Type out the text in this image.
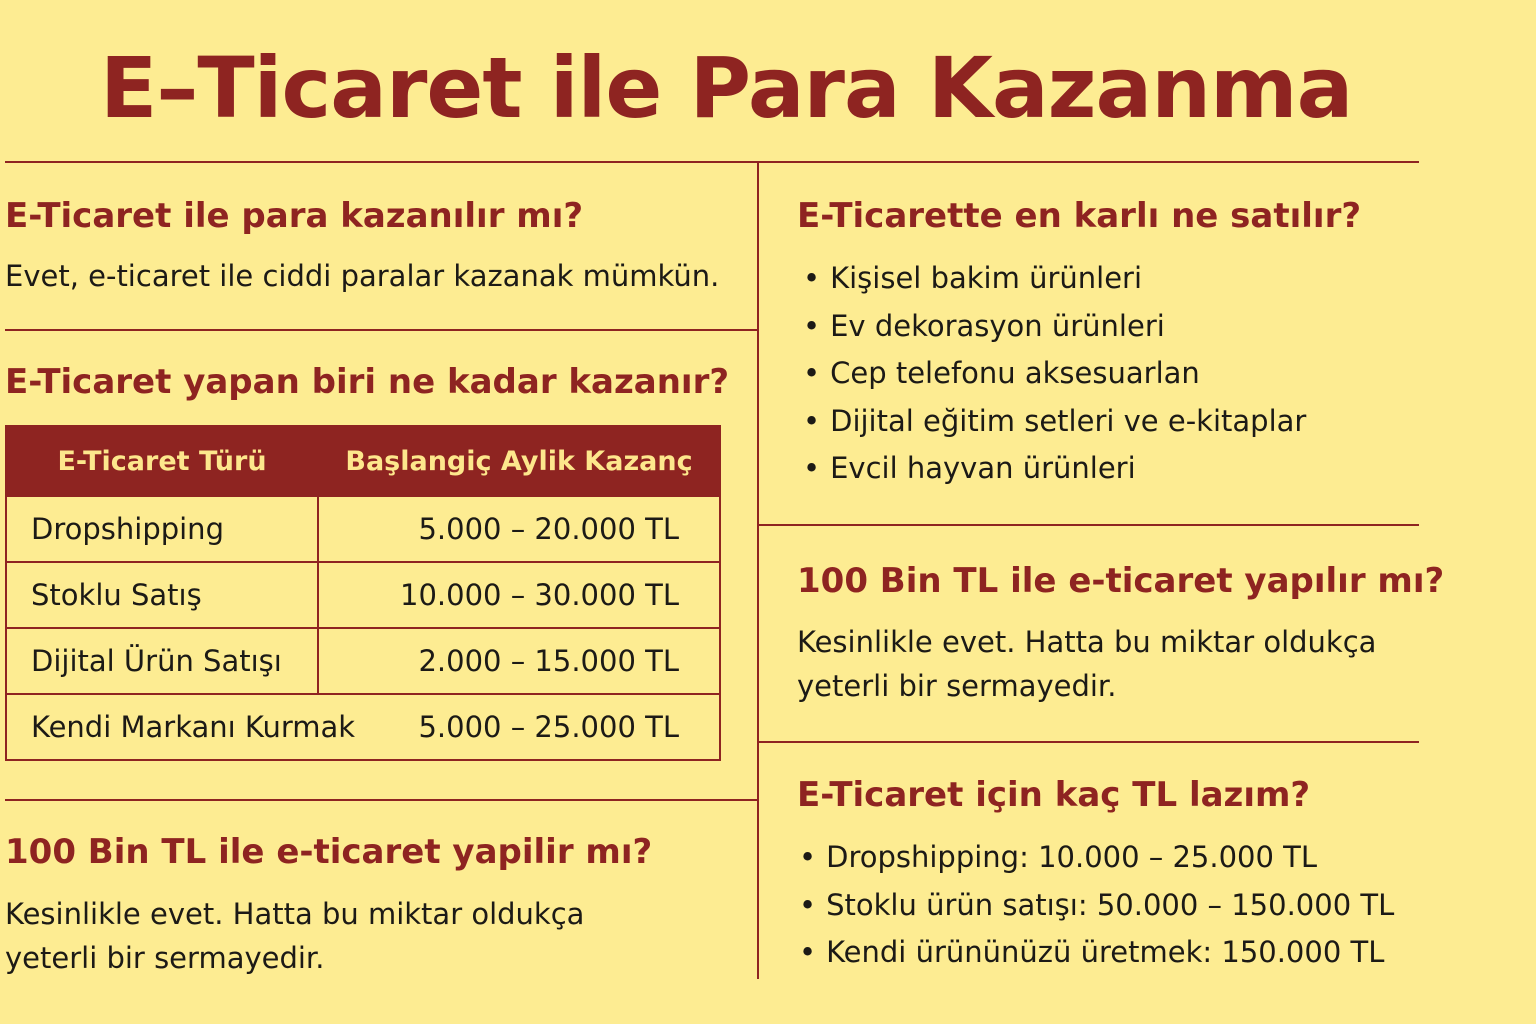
E–Ticaret ile Para Kazanma
E-Ticaret ile para kazanılır mı?

Evet, e-ticaret ile ciddi paralar kazanak mümkün.

E-Ticaret yapan biri ne kadar kazanır?
E-Ticaret Türü	Başlangiç Aylik Kazanç
Dropshipping	5.000 – 20.000 TL
Stoklu Satış	10.000 – 30.000 TL
Dijital Ürün Satışı	2.000 – 15.000 TL
Kendi Markanı Kurmak	5.000 – 25.000 TL
100 Bin TL ile e-ticaret yapilir mı?

Kesinlikle evet. Hatta bu miktar oldukça yeterli bir sermayedir.

E-Ticarette en karlı ne satılır?
• Kişisel bakim ürünleri
• Ev dekorasyon ürünleri
• Cep telefonu aksesuarlan
• Dijital eğitim setleri ve e-kitaplar
• Evcil hayvan ürünleri
100 Bin TL ile e-ticaret yapılır mı?

Kesinlikle evet. Hatta bu miktar oldukça yeterli bir sermayedir.

E-Ticaret için kaç TL lazım?
• Dropshipping: 10.000 – 25.000 TL
• Stoklu ürün satışı: 50.000 – 150.000 TL
• Kendi ürününüzü üretmek: 150.000 TL
